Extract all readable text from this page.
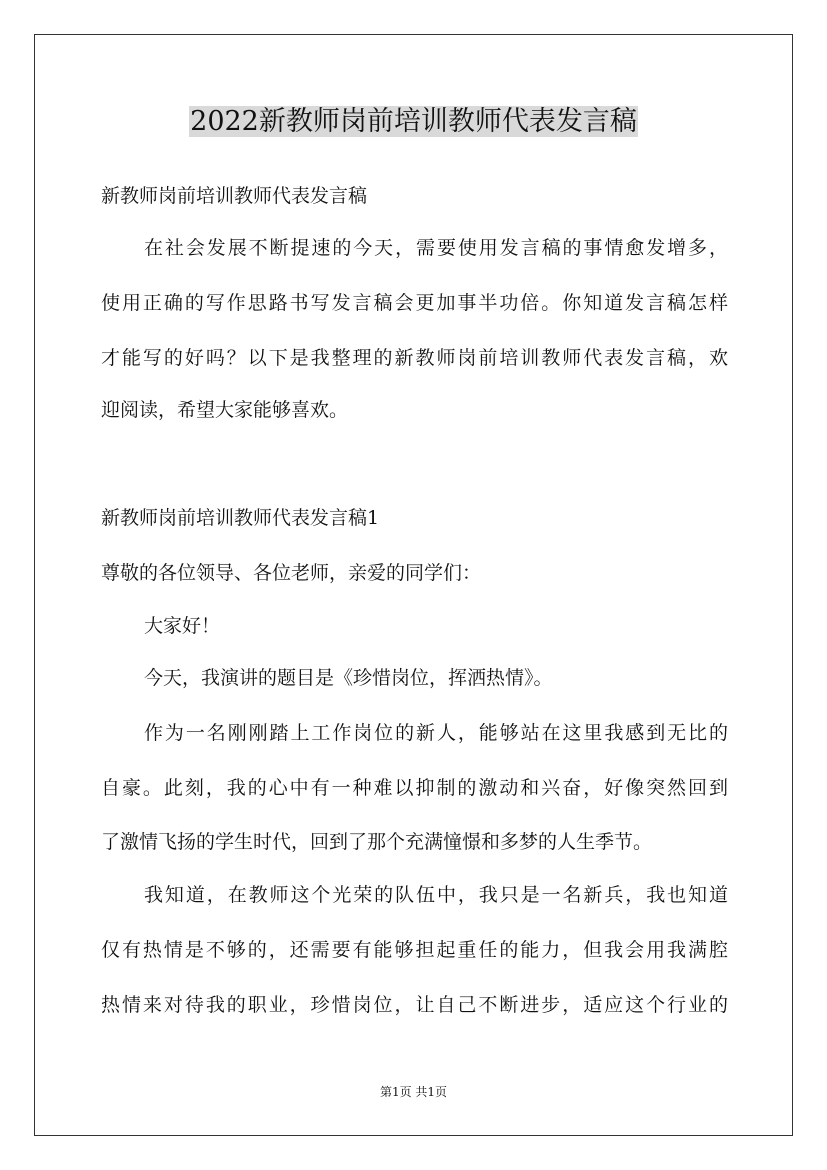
2022新教师岗前培训教师代表发言稿
新教师岗前培训教师代表发言稿
在社会发展不断提速的今天，需要使用发言稿的事情愈发增多，
使用正确的写作思路书写发言稿会更加事半功倍。你知道发言稿怎样
才能写的好吗？以下是我整理的新教师岗前培训教师代表发言稿，欢
迎阅读，希望大家能够喜欢。
新教师岗前培训教师代表发言稿1
尊敬的各位领导、各位老师，亲爱的同学们：
大家好！
今天，我演讲的题目是《珍惜岗位，挥洒热情》。
作为一名刚刚踏上工作岗位的新人，能够站在这里我感到无比的
自豪。此刻，我的心中有一种难以抑制的激动和兴奋，好像突然回到
了激情飞扬的学生时代，回到了那个充满憧憬和多梦的人生季节。
我知道，在教师这个光荣的队伍中，我只是一名新兵，我也知道
仅有热情是不够的，还需要有能够担起重任的能力，但我会用我满腔
热情来对待我的职业，珍惜岗位，让自己不断进步，适应这个行业的
第1页 共1页
